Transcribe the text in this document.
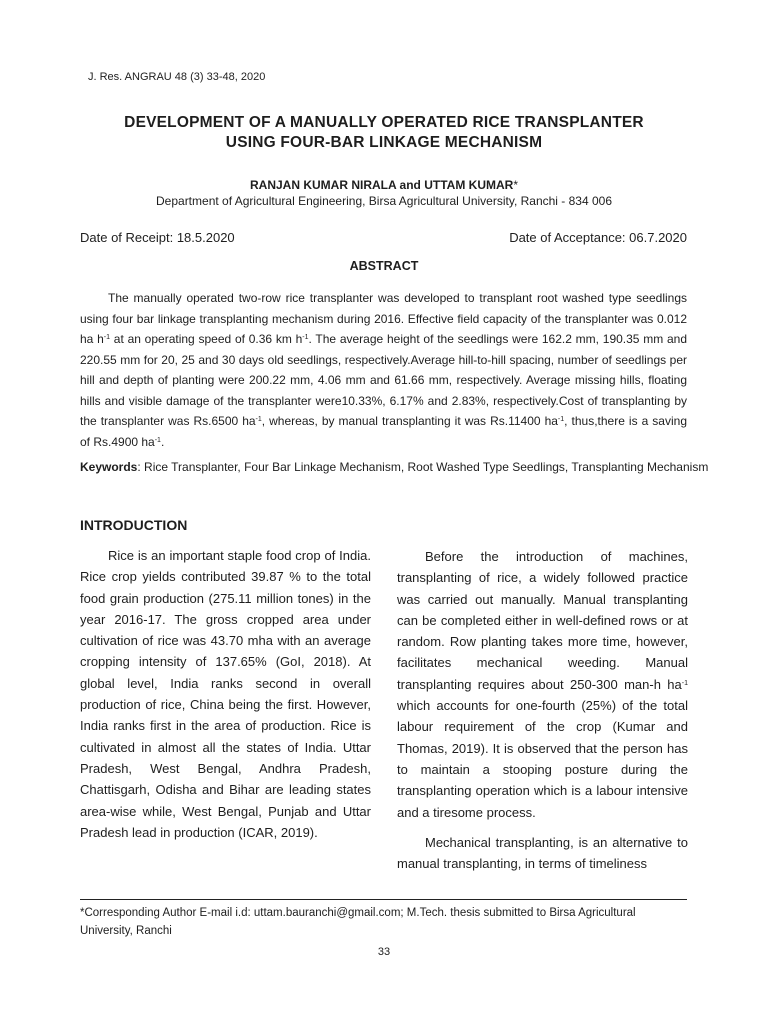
J. Res. ANGRAU 48 (3) 33-48, 2020
DEVELOPMENT OF A MANUALLY OPERATED RICE TRANSPLANTER
USING FOUR-BAR LINKAGE MECHANISM
RANJAN KUMAR NIRALA and UTTAM KUMAR*
Department of Agricultural Engineering, Birsa Agricultural University, Ranchi - 834 006
Date of Receipt: 18.5.2020	Date of Acceptance: 06.7.2020
ABSTRACT
The manually operated two-row rice transplanter was developed to transplant root washed type seedlings using four bar linkage transplanting mechanism during 2016. Effective field capacity of the transplanter was 0.012 ha $h^{-1}$ at an operating speed of 0.36 km $h^{-1}$. The average height of the seedlings were 162.2 mm, 190.35 mm and 220.55 mm for 20, 25 and 30 days old seedlings, respectively.Average hill-to-hill spacing, number of seedlings per hill and depth of planting were 200.22 mm, 4.06 mm and 61.66 mm, respectively. Average missing hills, floating hills and visible damage of the transplanter were10.33%, 6.17% and 2.83%, respectively.Cost of transplanting by the transplanter was Rs.6500 $ha^{-1}$, whereas, by manual transplanting it was Rs.11400 $ha^{-1}$, thus,there is a saving of Rs.4900 $ha^{-1}$.
Keywords: Rice Transplanter, Four Bar Linkage Mechanism, Root Washed Type Seedlings, Transplanting Mechanism
INTRODUCTION

Rice is an important staple food crop of India. Rice crop yields contributed 39.87 % to the total food grain production (275.11 million tones) in the year 2016-17. The gross cropped area under cultivation of rice was 43.70 mha with an average cropping intensity of 137.65% (GoI, 2018). At global level, India ranks second in overall production of rice, China being the first. However, India ranks first in the area of production. Rice is cultivated in almost all the states of India. Uttar Pradesh, West Bengal, Andhra Pradesh, Chattisgarh, Odisha and Bihar are leading states area-wise while, West Bengal, Punjab and Uttar Pradesh lead in production (ICAR, 2019).

Before the introduction of machines, transplanting of rice, a widely followed practice was carried out manually. Manual transplanting can be completed either in well-defined rows or at random. Row planting takes more time, however, facilitates mechanical weeding. Manual transplanting requires about 250-300 man-h $ha^{-1}$ which accounts for one-fourth (25%) of the total labour requirement of the crop (Kumar and Thomas, 2019). It is observed that the person has to maintain a stooping posture during the transplanting operation which is a labour intensive and a tiresome process.

Mechanical transplanting, is an alternative to manual transplanting, in terms of timeliness

*Corresponding Author E-mail i.d: uttam.bauranchi@gmail.com; M.Tech. thesis submitted to Birsa Agricultural University, Ranchi

33
